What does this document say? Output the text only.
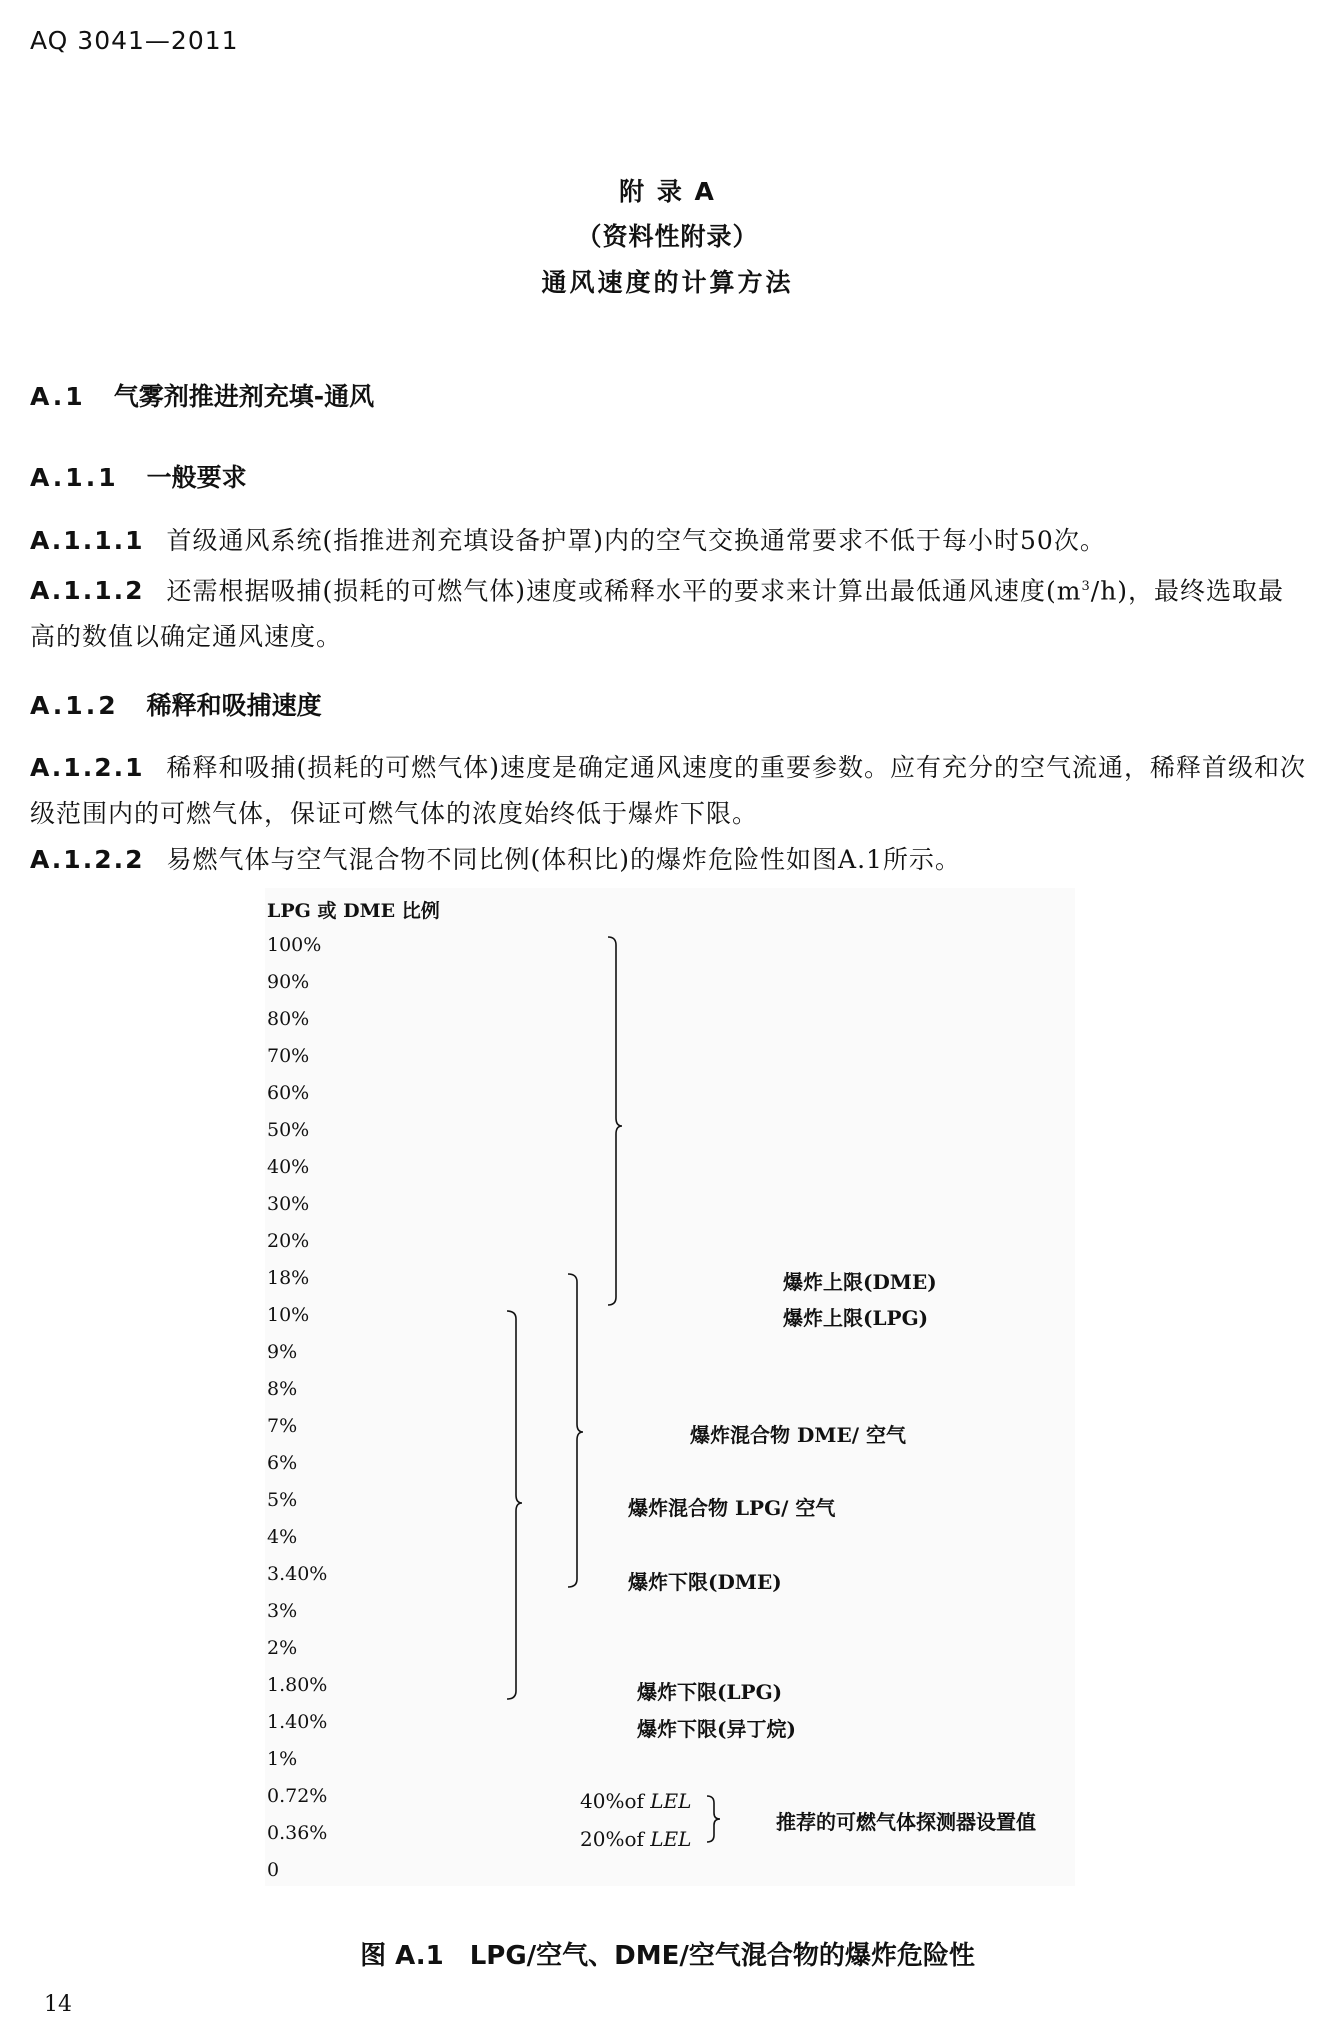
AQ 3041—2011
附 录 A
（资料性附录）
通风速度的计算方法
A.1 气雾剂推进剂充填-通风
A.1.1 一般要求
A.1.1.1 首级通风系统(指推进剂充填设备护罩)内的空气交换通常要求不低于每小时50次。
A.1.1.2 还需根据吸捕(损耗的可燃气体)速度或稀释水平的要求来计算出最低通风速度$(m^3/h)$，最终选取最高的数值以确定通风速度。
A.1.2 稀释和吸捕速度
A.1.2.1 稀释和吸捕(损耗的可燃气体)速度是确定通风速度的重要参数。应有充分的空气流通，稀释首级和次级范围内的可燃气体，保证可燃气体的浓度始终低于爆炸下限。
A.1.2.2 易燃气体与空气混合物不同比例(体积比)的爆炸危险性如图A.1所示。
LPG 或 DME 比例
100%
90%
80%
70%
60%
50%
40%
30%
20%
18%
10%
9%
8%
7%
6%
5%
4%
3.40%
3%
2%
1.80%
1.40%
1%
0.72%
0.36%
0
爆炸上限(DME)
爆炸上限(LPG)
爆炸混合物 DME/ 空气
爆炸混合物 LPG/ 空气
爆炸下限(DME)
爆炸下限(LPG)
爆炸下限(异丁烷)
40%of LEL
20%of LEL
推荐的可燃气体探测器设置值
图 A.1　LPG/空气、DME/空气混合物的爆炸危险性
14
